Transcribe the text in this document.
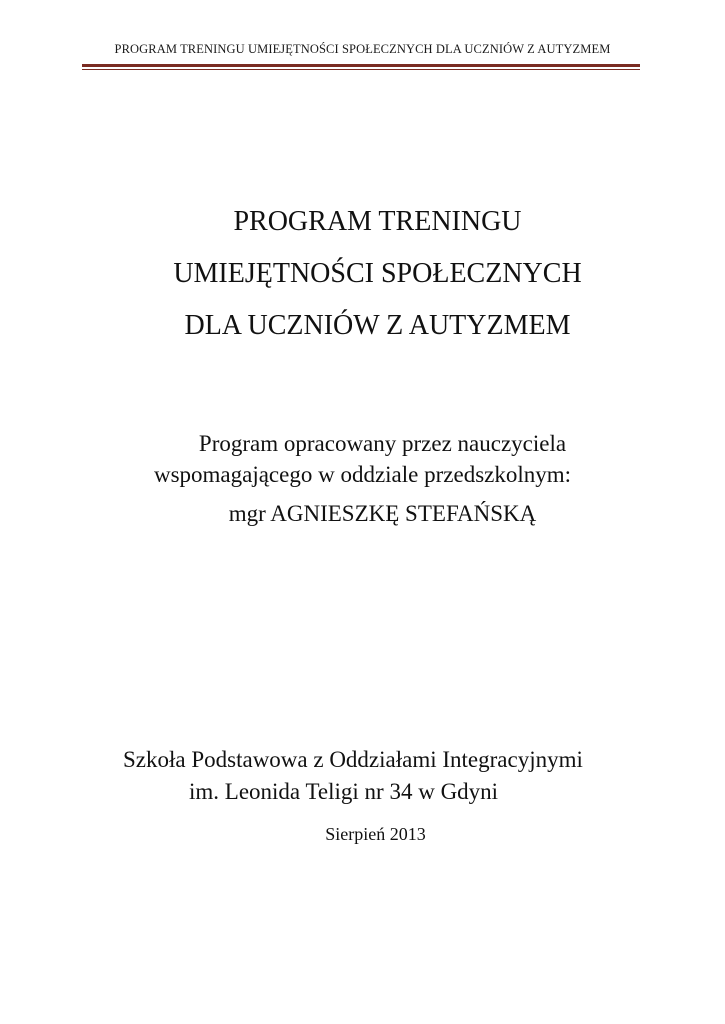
PROGRAM TRENINGU UMIEJĘTNOŚCI SPOŁECZNYCH DLA UCZNIÓW Z AUTYZMEM
PROGRAM TRENINGU
UMIEJĘTNOŚCI SPOŁECZNYCH
DLA UCZNIÓW Z AUTYZMEM
Program opracowany przez nauczyciela
wspomagającego w oddziale przedszkolnym:
mgr AGNIESZKĘ STEFAŃSKĄ
Szkoła Podstawowa z Oddziałami Integracyjnymi
im. Leonida Teligi nr 34 w Gdyni
Sierpień 2013
